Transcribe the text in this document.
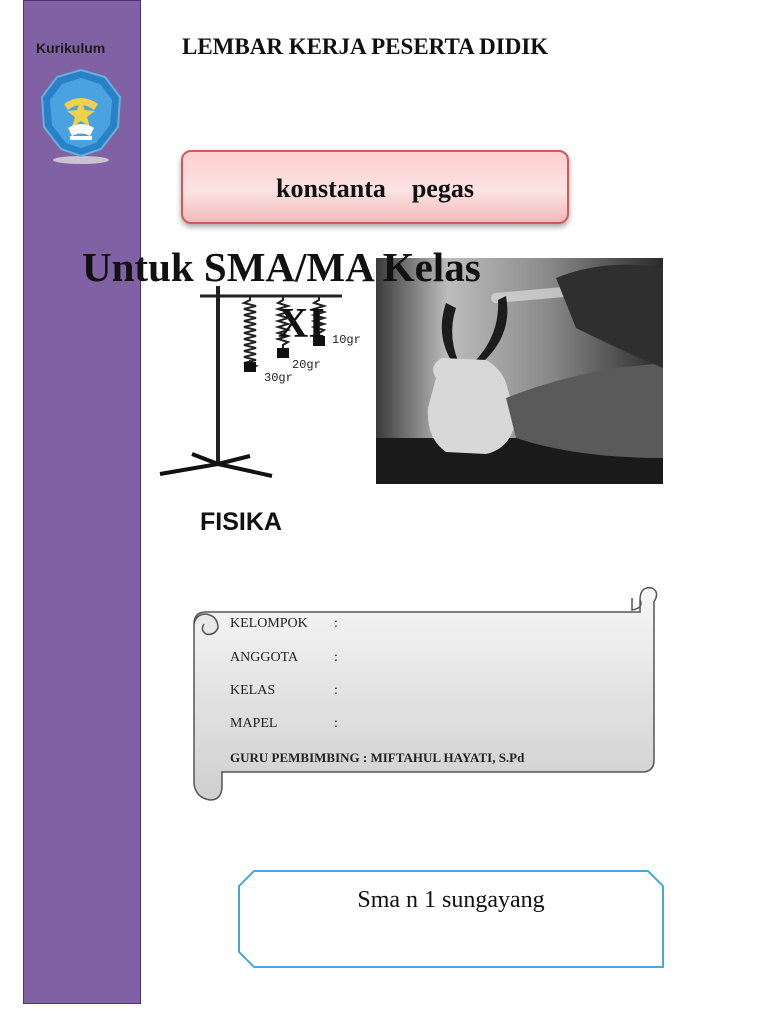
Kurikulum	LEMBAR KERJA PESERTA DIDIK
konstanta    pegas
10gr
20gr
30gr
Untuk SMA/MA Kelas
XI
FISIKA
KELOMPOK :
ANGGOTA	:
KELAS	:
MAPEL	:
GURU PEMBIMBING : MIFTAHUL HAYATI, S.Pd
Sma n 1 sungayang
